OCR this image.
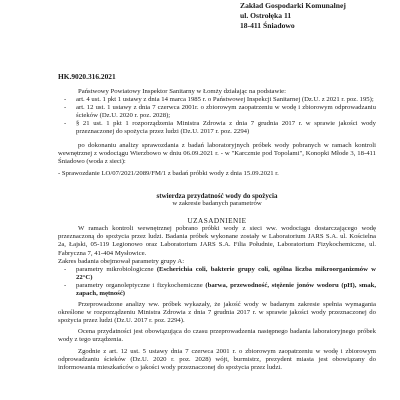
Zakład Gospodarki Komunalnej
ul. Ostrołęka 11
18-411 Śniadowo
HK.9020.316.2021

Państwowy Powiatowy Inspektor Sanitarny w Łomży działając na podstawie:

- art. 4 ust. 1 pkt 1 ustawy z dnia 14 marca 1985 r. o Państwowej Inspekcji Sanitarnej (Dz.U. z 2021 r. poz. 195);
- art. 12 ust. 1 ustawy z dnia 7 czerwca 2001r. o zbiorowym zaopatrzeniu w wodę i zbiorowym odprowadzaniu ścieków (Dz.U. 2020 r. poz. 2028);
- § 21 ust. 1 pkt 1 rozporządzenia Ministra Zdrowia z dnia 7 grudnia 2017 r. w sprawie jakości wody przeznaczonej do spożycia przez ludzi (Dz.U. 2017 r. poz. 2294)

po dokonaniu analizy sprawozdania z badań laboratoryjnych próbek wody pobranych w ramach kontroli wewnętrznej z wodociągu Wierzbowo w dniu 06.09.2021 r. - w "Karczmie pod Topolami", Konopki Młode 3, 18-411 Śniadowo (woda z sieci):

- Sprawozdanie LO/07/2021/2089/FM/1 z badań próbki wody z dnia 15.09.2021 r.

stwierdza przydatność wody do spożycia

w zakresie badanych parametrów

UZASADNIENIE

W ramach kontroli wewnętrznej pobrano próbki wody z sieci ww. wodociągu dostarczającego wodę przeznaczoną do spożycia przez ludzi. Badania próbek wykonane zostały w Laboratorium JARS S.A. ul. Kościelna 2a, Łajski, 05-119 Legionowo oraz Laboratorium JARS S.A. Filia Południe, Laboratorium Fizykochemiczne, ul. Fabryczna 7, 41-404 Mysłowice.

Zakres badania obejmował parametry grupy A:

- parametry mikrobiologiczne (Escherichia coli, bakterie grupy coli, ogólna liczba mikroorganizmów w 22°C)
- parametry organoleptyczne i fizykochemiczne (barwa, przewodność, stężenie jonów wodoru (pH), smak, zapach, mętność)

Przeprowadzone analizy ww. próbek wykazały, że jakość wody w badanym zakresie spełnia wymagania określone w rozporządzeniu Ministra Zdrowia z dnia 7 grudnia 2017 r. w sprawie jakości wody przeznaczonej do spożycia przez ludzi (Dz.U. 2017 r. poz. 2294).

Ocena przydatności jest obowiązująca do czasu przeprowadzenia następnego badania laboratoryjnego próbek wody z tego urządzenia.

Zgodnie z art. 12 ust. 5 ustawy dnia 7 czerwca 2001 r. o zbiorowym zaopatrzeniu w wodę i zbiorowym odprowadzaniu ścieków (Dz.U. 2020 r. poz. 2028) wójt, burmistrz, prezydent miasta jest obowiązany do informowania mieszkańców o jakości wody przeznaczonej do spożycia przez ludzi.
